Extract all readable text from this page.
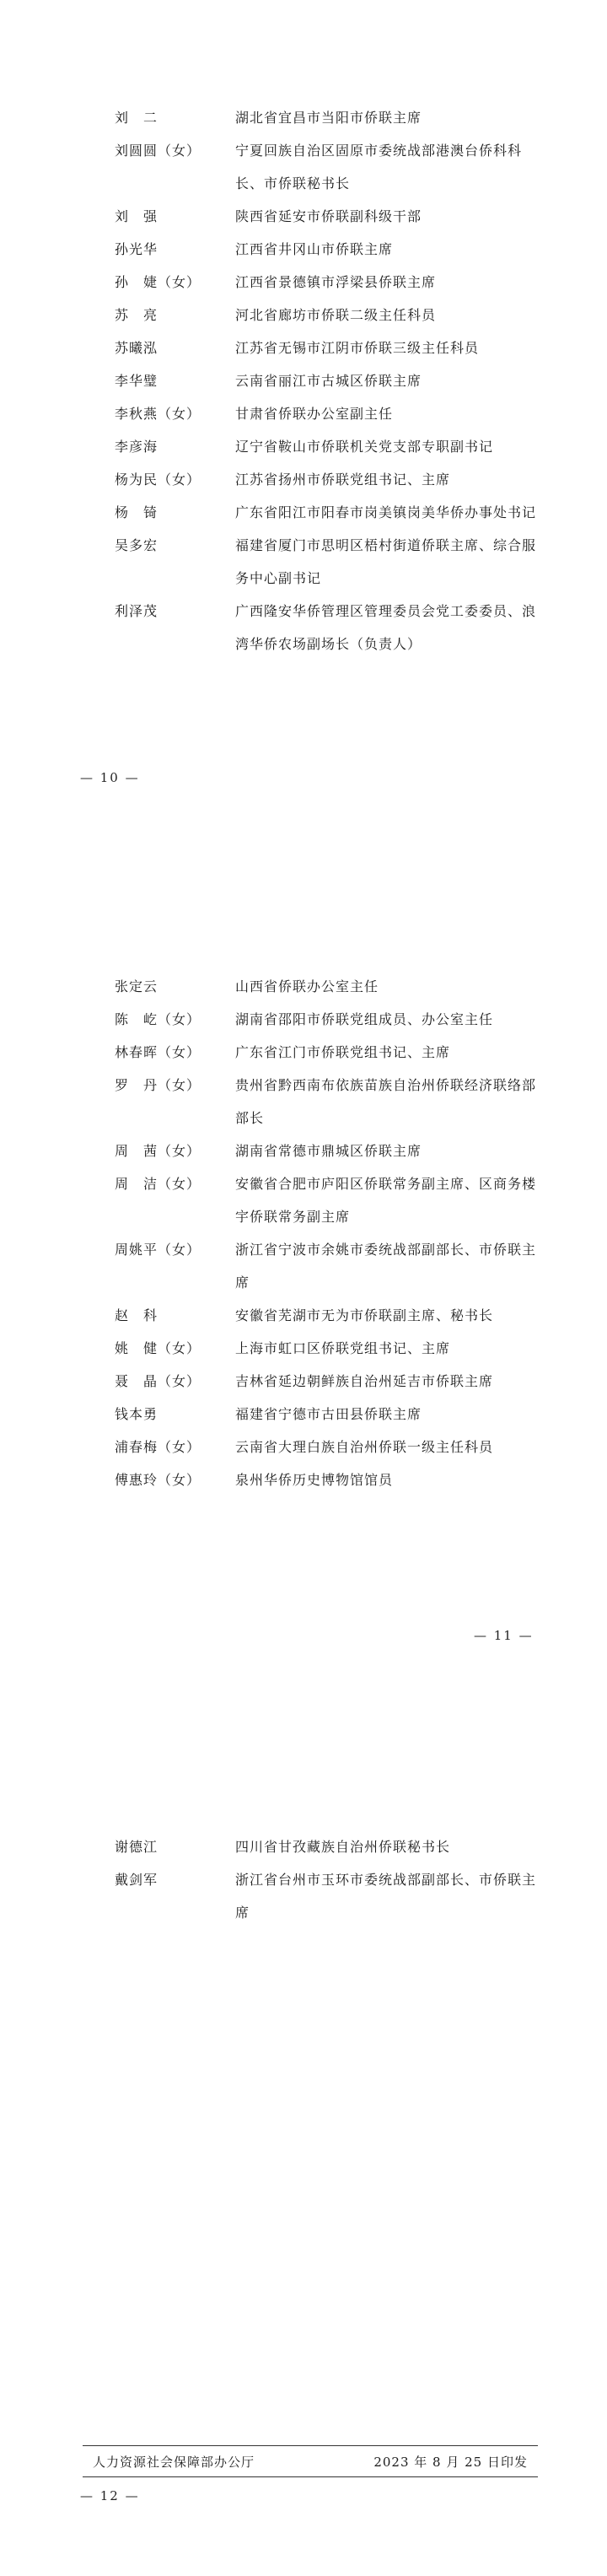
刘　二	湖北省宜昌市当阳市侨联主席
刘圆圆（女）	宁夏回族自治区固原市委统战部港澳台侨科科长、市侨联秘书长
刘　强	陕西省延安市侨联副科级干部
孙光华	江西省井冈山市侨联主席
孙　婕（女）	江西省景德镇市浮梁县侨联主席
苏　亮	河北省廊坊市侨联二级主任科员
苏曦泓	江苏省无锡市江阴市侨联三级主任科员
李华璧	云南省丽江市古城区侨联主席
李秋燕（女）	甘肃省侨联办公室副主任
李彦海	辽宁省鞍山市侨联机关党支部专职副书记
杨为民（女）	江苏省扬州市侨联党组书记、主席
杨　锜	广东省阳江市阳春市岗美镇岗美华侨办事处书记
吴多宏	福建省厦门市思明区梧村街道侨联主席、综合服务中心副书记
利泽茂	广西隆安华侨管理区管理委员会党工委委员、浪湾华侨农场副场长（负责人）
— 10 —
张定云	山西省侨联办公室主任
陈　屹（女）	湖南省邵阳市侨联党组成员、办公室主任
林春晖（女）	广东省江门市侨联党组书记、主席
罗　丹（女）	贵州省黔西南布依族苗族自治州侨联经济联络部部长
周　茜（女）	湖南省常德市鼎城区侨联主席
周　洁（女）	安徽省合肥市庐阳区侨联常务副主席、区商务楼宇侨联常务副主席
周姚平（女）	浙江省宁波市余姚市委统战部副部长、市侨联主席
赵　科	安徽省芜湖市无为市侨联副主席、秘书长
姚　健（女）	上海市虹口区侨联党组书记、主席
聂　晶（女）	吉林省延边朝鲜族自治州延吉市侨联主席
钱本勇	福建省宁德市古田县侨联主席
浦春梅（女）	云南省大理白族自治州侨联一级主任科员
傅惠玲（女）	泉州华侨历史博物馆馆员
— 11 —
谢德江	四川省甘孜藏族自治州侨联秘书长
戴剑军	浙江省台州市玉环市委统战部副部长、市侨联主席
人力资源社会保障部办公厅	2023 年 8 月 25 日印发
— 12 —
